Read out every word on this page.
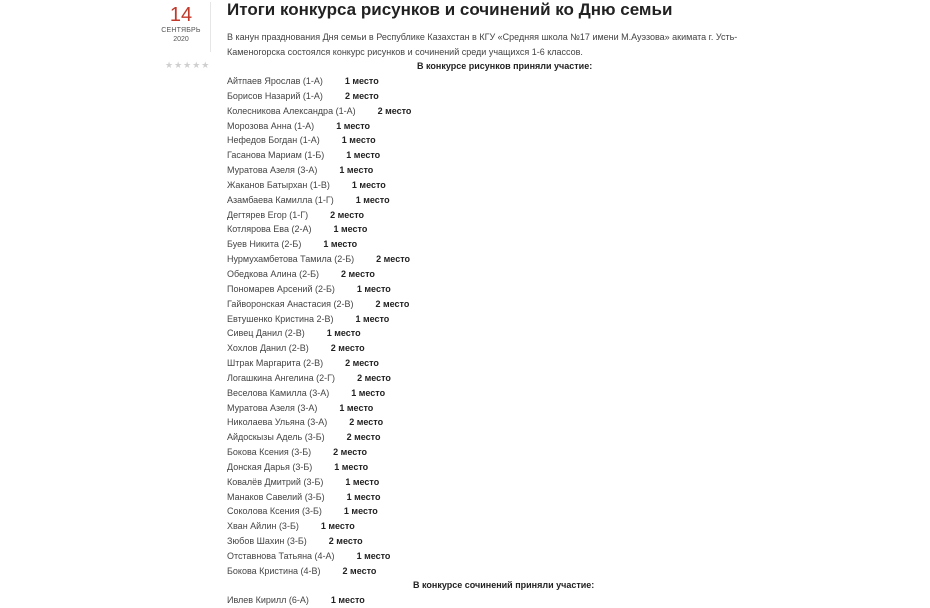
14
СЕНТЯБРЬ
2020
★★★★★
Итоги конкурса рисунков и сочинений ко Дню семьи

В канун празднования Дня семьи в Республике Казахстан в КГУ «Средняя школа №17 имени М.Ауэзова» акимата г. Усть-Каменогорска состоялся конкурс рисунков и сочинений среди учащихся 1-6 классов.

В конкурсе рисунков приняли участие:
Айтпаев Ярослав (1-А) 1 место
Борисов Назарий (1-А) 2 место
Колесникова Александра (1-А) 2 место
Морозова Анна (1-А) 1 место
Нефедов Богдан (1-А) 1 место
Гасанова Мариам (1-Б) 1 место
Муратова Азеля (3-А) 1 место
Жаканов Батырхан (1-В) 1 место
Азамбаева Камилла (1-Г) 1 место
Дегтярев Егор (1-Г) 2 место
Котлярова Ева (2-А) 1 место
Буев Никита (2-Б) 1 место
Нурмухамбетова Тамила (2-Б) 2 место
Обедкова Алина (2-Б) 2 место
Пономарев Арсений (2-Б) 1 место
Гайворонская Анастасия (2-В) 2 место
Евтушенко Кристина 2-В) 1 место
Сивец Данил (2-В) 1 место
Хохлов Данил (2-В) 2 место
Штрак Маргарита (2-В) 2 место
Логашкина Ангелина (2-Г) 2 место
Веселова Камилла (3-А) 1 место
Муратова Азеля (3-А) 1 место
Николаева Ульяна (3-А) 2 место
Айдоскызы Адель (3-Б) 2 место
Бокова Ксения (3-Б) 2 место
Донская Дарья (3-Б) 1 место
Ковалёв Дмитрий (3-Б) 1 место
Манаков Савелий (3-Б) 1 место
Соколова Ксения (3-Б) 1 место
Хван Айлин (3-Б) 1 место
Зюбов Шахин (3-Б) 2 место
Отставнова Татьяна (4-А) 1 место
Бокова Кристина (4-В) 2 место
В конкурсе сочинений приняли участие:
Ивлев Кирилл (6-А) 1 место
